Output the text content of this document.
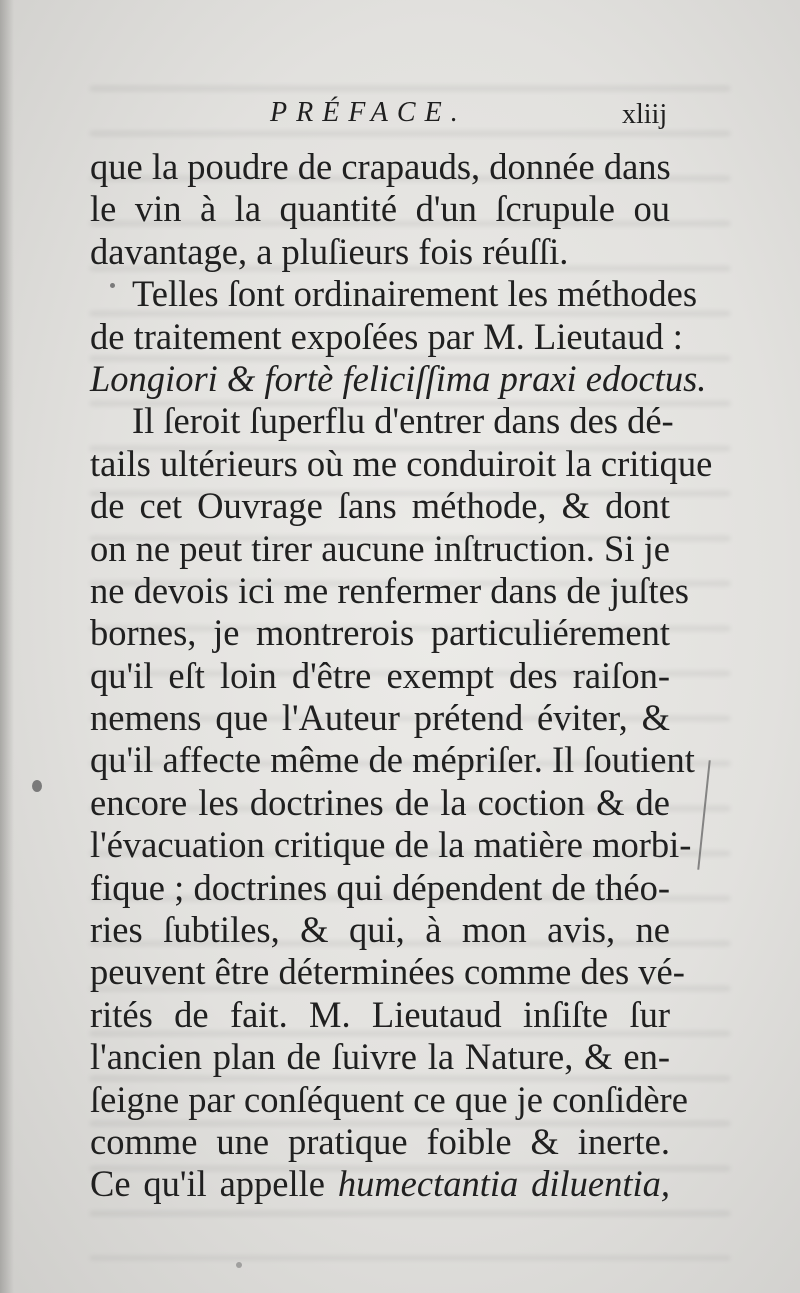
PRÉFACE.	xliij
que la poudre de crapauds, donnée dans
le vin à la quantité d'un ſcrupule ou
davantage, a pluſieurs fois réuſſi.
Telles ſont ordinairement les méthodes
de traitement expoſées par M. Lieutaud :
Longiori & fortè feliciſſima praxi edoctus.
Il ſeroit ſuperflu d'entrer dans des dé-
tails ultérieurs où me conduiroit la critique
de cet Ouvrage ſans méthode, & dont
on ne peut tirer aucune inſtruction. Si je
ne devois ici me renfermer dans de juſtes
bornes, je montrerois particuliérement
qu'il eſt loin d'être exempt des raiſon-
nemens que l'Auteur prétend éviter, &
qu'il affecte même de mépriſer. Il ſoutient
encore les doctrines de la coction & de
l'évacuation critique de la matière morbi-
fique ; doctrines qui dépendent de théo-
ries ſubtiles, & qui, à mon avis, ne
peuvent être déterminées comme des vé-
rités de fait. M. Lieutaud inſiſte ſur
l'ancien plan de ſuivre la Nature, & en-
ſeigne par conſéquent ce que je conſidère
comme une pratique foible & inerte.
Ce qu'il appelle humectantia diluentia,
